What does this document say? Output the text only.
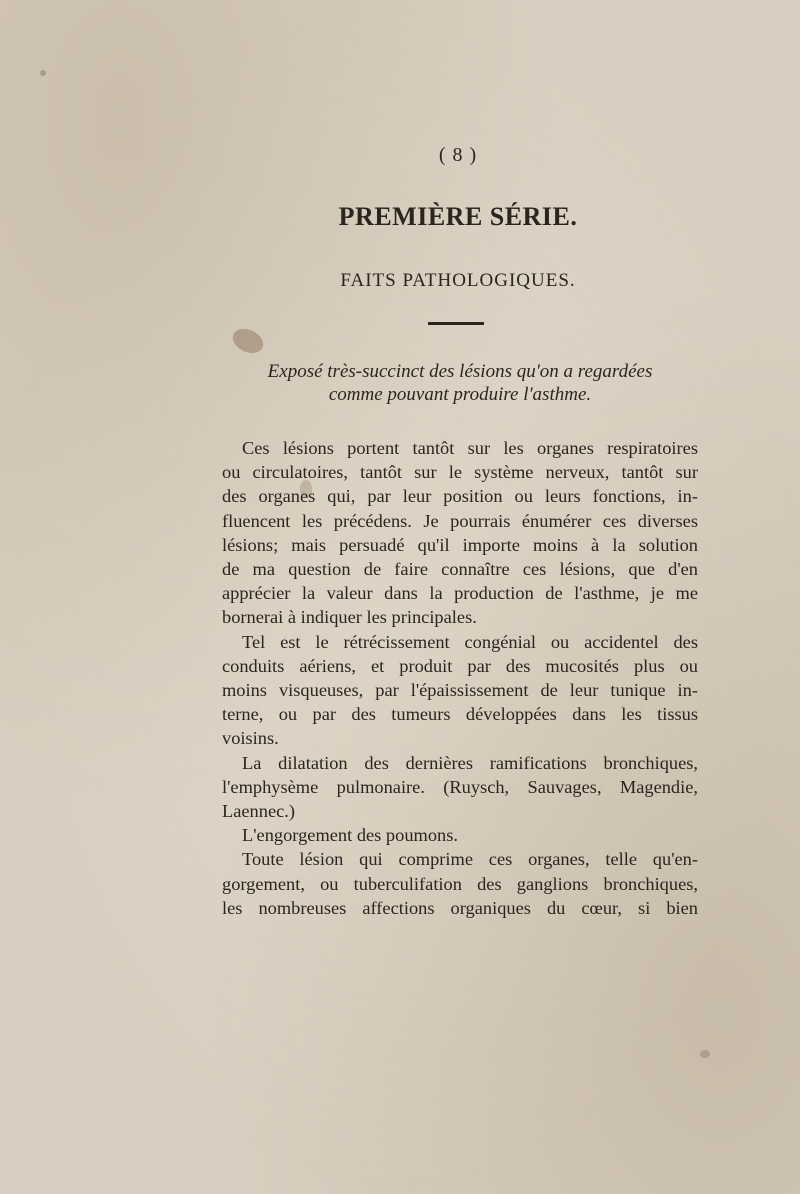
( 8 )
PREMIÈRE SÉRIE.
FAITS PATHOLOGIQUES.
Exposé très-succinct des lésions qu'on a regardées
comme pouvant produire l'asthme.
Ces lésions portent tantôt sur les organes respiratoires
ou circulatoires, tantôt sur le système nerveux, tantôt sur
des organes qui, par leur position ou leurs fonctions, in-
fluencent les précédens. Je pourrais énumérer ces diverses
lésions; mais persuadé qu'il importe moins à la solution
de ma question de faire connaître ces lésions, que d'en
apprécier la valeur dans la production de l'asthme, je me
bornerai à indiquer les principales.
Tel est le rétrécissement congénial ou accidentel des
conduits aériens, et produit par des mucosités plus ou
moins visqueuses, par l'épaississement de leur tunique in-
terne, ou par des tumeurs développées dans les tissus
voisins.
La dilatation des dernières ramifications bronchiques,
l'emphysème pulmonaire. (Ruysch, Sauvages, Magendie,
Laennec.)
L'engorgement des poumons.
Toute lésion qui comprime ces organes, telle qu'en-
gorgement, ou tuberculifation des ganglions bronchiques,
les nombreuses affections organiques du cœur, si bien
